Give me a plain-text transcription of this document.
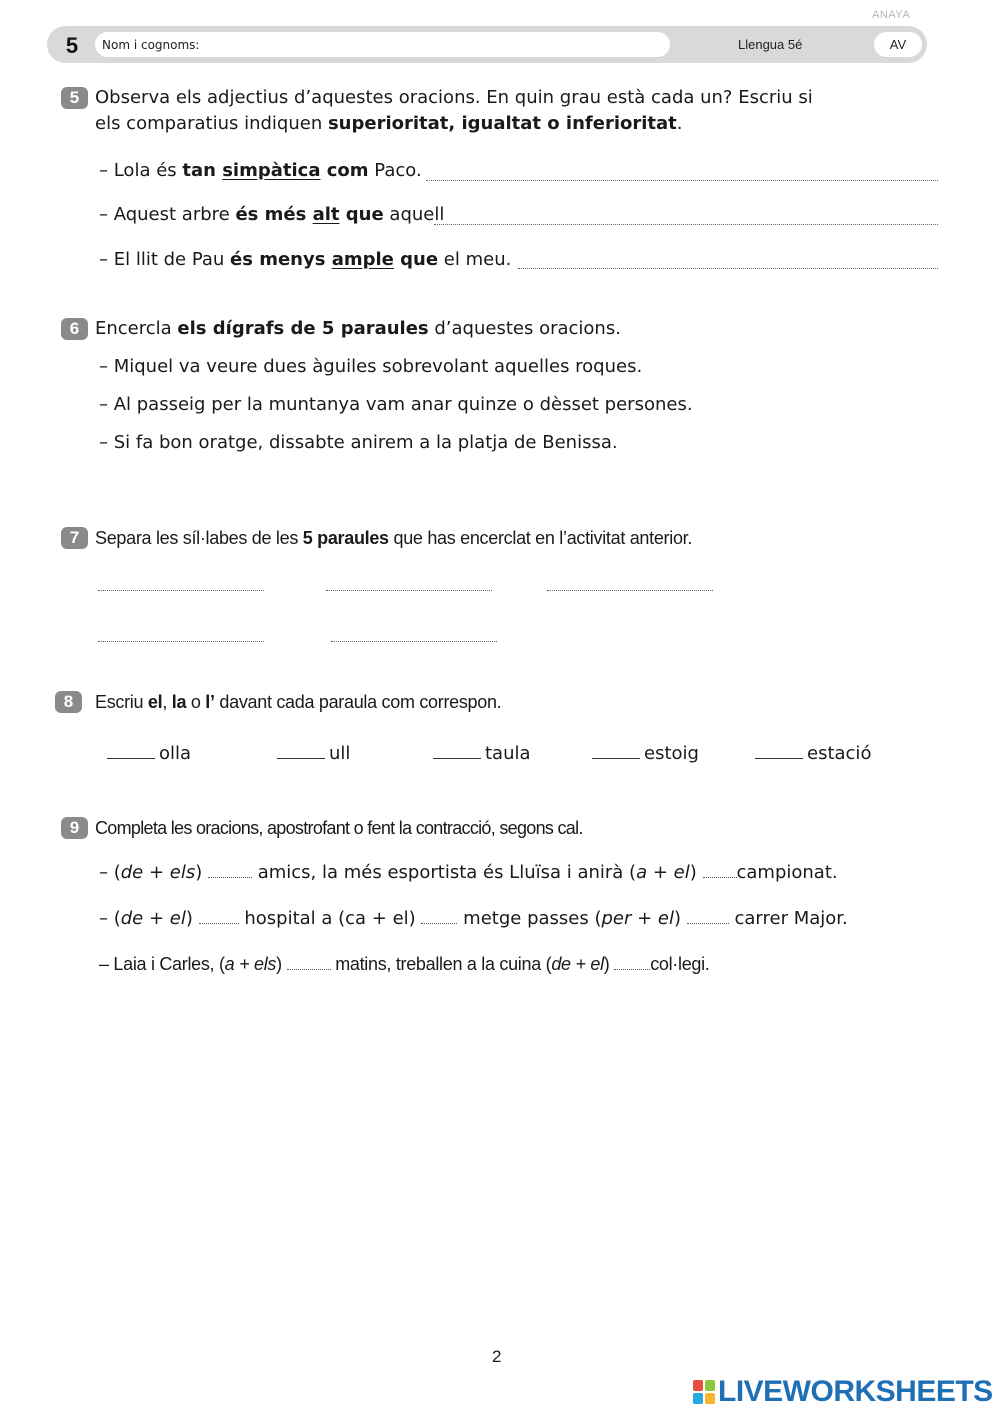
ANAYA
5	Nom i cognoms:	Llengua 5é	AV
5 Observa els adjectius d’aquestes oracions. En quin grau està cada un? Escriu si
els comparatius indiquen superioritat, igualtat o inferioritat.
– Lola és tan simpàtica com Paco.
– Aquest arbre és més alt que aquell
– El llit de Pau és menys ample que el meu.
6 Encercla els dígrafs de 5 paraules d’aquestes oracions.
– Miquel va veure dues àguiles sobrevolant aquelles roques.
– Al passeig per la muntanya vam anar quinze o dèsset persones.
– Si fa bon oratge, dissabte anirem a la platja de Benissa.
7 Separa les síl·labes de les 5 paraules que has encerclat en l’activitat anterior.
8	Escriu el, la o l’ davant cada paraula com correspon.
olla	ull	taula	estoig	estació
9 Completa les oracions, apostrofant o fent la contracció, segons cal.
– (de + els)	amics, la més esportista és Lluïsa i anirà (a + el) campionat.
– (de + el)	hospital a (ca + el)  metge passes (per + el)	carrer Major.
– Laia i Carles, (a + els)	matins, treballen a la cuina (de + el) col·legi.
2
LIVEWORKSHEETS
